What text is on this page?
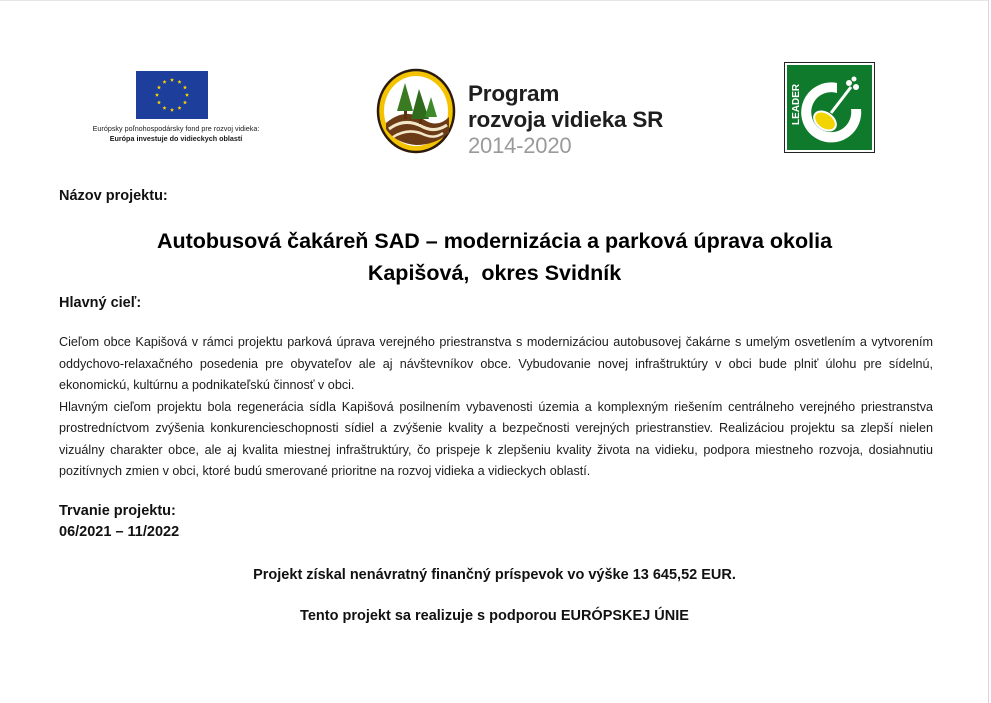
Európsky poľnohospodársky fond pre rozvoj vidieka:
Európa investuje do vidieckych oblastí
Program
rozvoja vidieka SR
2014-2020
LEADER
Názov projektu:
Autobusová čakáreň SAD – modernizácia a parková úprava okolia
Kapišová,  okres Svidník
Hlavný cieľ:

Cieľom obce Kapišová v rámci projektu parková úprava verejného priestranstva s modernizáciou autobusovej čakárne s umelým osvetlením a vytvorením oddychovo-relaxačného posedenia pre obyvateľov ale aj návštevníkov obce. Vybudovanie novej infraštruktúry v obci bude plniť úlohu pre sídelnú, ekonomickú, kultúrnu a podnikateľskú činnosť v obci.

Hlavným cieľom projektu bola regenerácia sídla Kapišová posilnením vybavenosti územia a komplexným riešením centrálneho verejného priestranstva prostredníctvom zvýšenia konkurencieschopnosti sídiel a zvýšenie kvality a bezpečnosti verejných priestranstiev. Realizáciou projektu sa zlepší nielen vizuálny charakter obce, ale aj kvalita miestnej infraštruktúry, čo prispeje k zlepšeniu kvality života na vidieku, podpora miestneho rozvoja, dosiahnutiu pozitívnych zmien v obci, ktoré budú smerované prioritne na rozvoj vidieka a vidieckych oblastí.

Trvanie projektu:
06/2021 – 11/2022
Projekt získal nenávratný finančný príspevok vo výške 13 645,52 EUR.
Tento projekt sa realizuje s podporou EURÓPSKEJ ÚNIE
